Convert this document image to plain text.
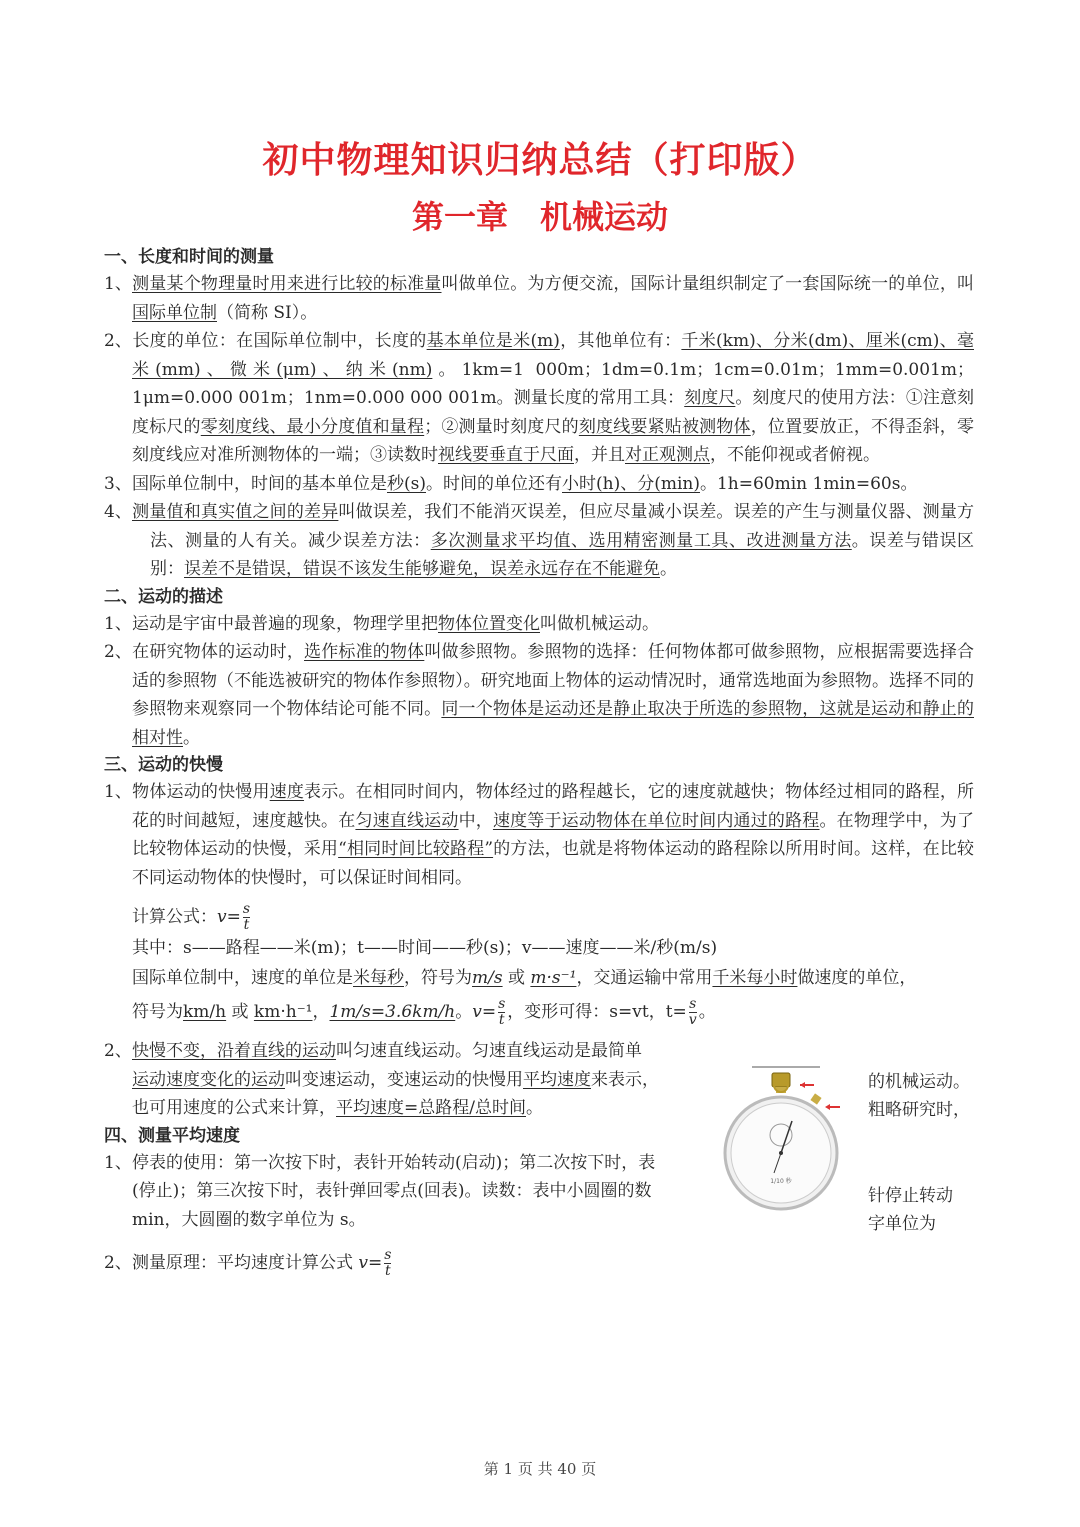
初中物理知识归纳总结（打印版）
第一章　机械运动

一、长度和时间的测量

1、测量某个物理量时用来进行比较的标准量叫做单位。为方便交流，国际计量组织制定了一套国际统一的单位，叫国际单位制（简称 SI）。

2、长度的单位：在国际单位制中，长度的基本单位是米(m)，其他单位有：千米(km)、分米(dm)、厘米(cm)、毫米(mm)、微米(μm)、纳米(nm)。1km=1 000m；1dm=0.1m；1cm=0.01m；1mm=0.001m；1μm=0.000 001m；1nm=0.000 000 001m。测量长度的常用工具：刻度尺。刻度尺的使用方法：①注意刻度标尺的零刻度线、最小分度值和量程；②测量时刻度尺的刻度线要紧贴被测物体，位置要放正，不得歪斜，零刻度线应对准所测物体的一端；③读数时视线要垂直于尺面，并且对正观测点，不能仰视或者俯视。

3、国际单位制中，时间的基本单位是秒(s)。时间的单位还有小时(h)、分(min)。1h=60min 1min=60s。

4、测量值和真实值之间的差异叫做误差，我们不能消灭误差，但应尽量减小误差。误差的产生与测量仪器、测量方法、测量的人有关。减少误差方法：多次测量求平均值、选用精密测量工具、改进测量方法。误差与错误区别：误差不是错误，错误不该发生能够避免，误差永远存在不能避免。

二、运动的描述

1、运动是宇宙中最普遍的现象，物理学里把物体位置变化叫做机械运动。

2、在研究物体的运动时，选作标准的物体叫做参照物。参照物的选择：任何物体都可做参照物，应根据需要选择合适的参照物（不能选被研究的物体作参照物）。研究地面上物体的运动情况时，通常选地面为参照物。选择不同的参照物来观察同一个物体结论可能不同。同一个物体是运动还是静止取决于所选的参照物，这就是运动和静止的相对性。

三、运动的快慢

1、物体运动的快慢用速度表示。在相同时间内，物体经过的路程越长，它的速度就越快；物体经过相同的路程，所花的时间越短，速度越快。在匀速直线运动中，速度等于运动物体在单位时间内通过的路程。在物理学中，为了比较物体运动的快慢，采用“相同时间比较路程”的方法，也就是将物体运动的路程除以所用时间。这样，在比较不同运动物体的快慢时，可以保证时间相同。

计算公式：$v= \frac{s}{t}$

其中：s——路程——米(m)；t——时间——秒(s)；v——速度——米/秒(m/s)

国际单位制中，速度的单位是米每秒，符号为m/s 或 m·s⁻¹，交通运输中常用千米每小时做速度的单位，

符号为km/h 或 km·h⁻¹，1m/s=3.6km/h。$v= \frac{s}{t}$ ，变形可得：s=vt，$t= \frac{s}{v}$ 。

2、快慢不变，沿着直线的运动叫匀速直线运动。匀速直线运动是最简单
运动速度变化的运动叫变速运动，变速运动的快慢用平均速度来表示，
也可用速度的公式来计算，平均速度=总路程/总时间。

四、测量平均速度

1、停表的使用：第一次按下时，表针开始转动(启动)；第二次按下时，表
(停止)；第三次按下时，表针弹回零点(回表)。读数：表中小圆圈的数
min，大圆圈的数字单位为 s。

2、测量原理：平均速度计算公式 $v= \frac{s}{t}$

的机械运动。
粗略研究时，
针停止转动
字单位为
1/10 秒
第 1 页 共 40 页
